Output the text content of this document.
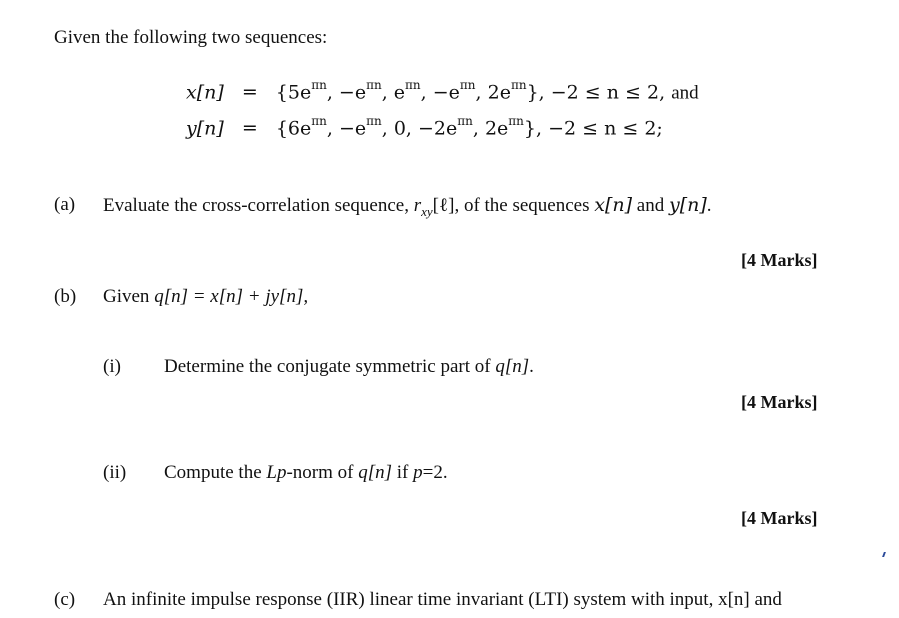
Given the following two sequences:
$x[n] = \{5e^{\pi n}$, $-e^{\pi n}$, $e^{\pi n}$, $-e^{\pi n}$, $2e^{\pi n}$}, −2 ≤ n ≤ 2, and
$y[n] = \{6e^{\pi n}$, $-e^{\pi n}$, 0, $-2e^{\pi n}$, $2e^{\pi n}$}, −2 ≤ n ≤ 2;
(a) Evaluate the cross-correlation sequence, $r_{xy}[\ell]$, of the sequences x[n] and y[n].
[4 Marks]
(b) Given q[n] = x[n] + jy[n],
(i) Determine the conjugate symmetric part of q[n].
[4 Marks]
(ii) Compute the Lp-norm of q[n] if p=2.
[4 Marks]
(c) An infinite impulse response (IIR) linear time invariant (LTI) system with input, x[n] and
